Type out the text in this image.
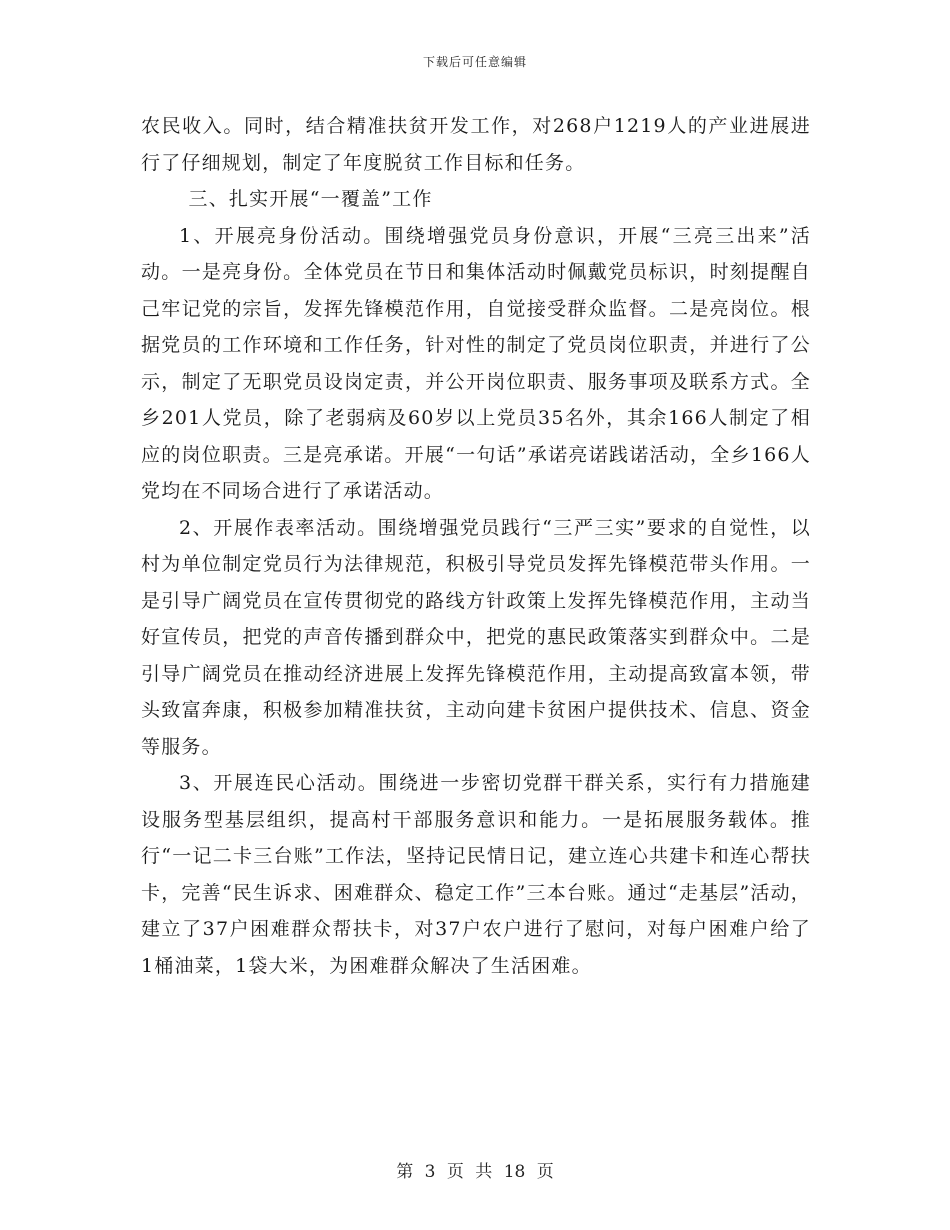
下载后可任意编辑

农民收入。同时，结合精准扶贫开发工作，对268户1219人的产业进展进行了仔细规划，制定了年度脱贫工作目标和任务。

三、扎实开展“一覆盖”工作

1、开展亮身份活动。围绕增强党员身份意识，开展“三亮三出来”活动。一是亮身份。全体党员在节日和集体活动时佩戴党员标识，时刻提醒自己牢记党的宗旨，发挥先锋模范作用，自觉接受群众监督。二是亮岗位。根据党员的工作环境和工作任务，针对性的制定了党员岗位职责，并进行了公示，制定了无职党员设岗定责，并公开岗位职责、服务事项及联系方式。全乡201人党员，除了老弱病及60岁以上党员35名外，其余166人制定了相应的岗位职责。三是亮承诺。开展“一句话”承诺亮诺践诺活动，全乡166人党均在不同场合进行了承诺活动。

2、开展作表率活动。围绕增强党员践行“三严三实”要求的自觉性，以村为单位制定党员行为法律规范，积极引导党员发挥先锋模范带头作用。一是引导广阔党员在宣传贯彻党的路线方针政策上发挥先锋模范作用，主动当好宣传员，把党的声音传播到群众中，把党的惠民政策落实到群众中。二是引导广阔党员在推动经济进展上发挥先锋模范作用，主动提高致富本领，带头致富奔康，积极参加精准扶贫，主动向建卡贫困户提供技术、信息、资金等服务。

3、开展连民心活动。围绕进一步密切党群干群关系，实行有力措施建设服务型基层组织，提高村干部服务意识和能力。一是拓展服务载体。推行“一记二卡三台账”工作法，坚持记民情日记，建立连心共建卡和连心帮扶卡，完善“民生诉求、困难群众、稳定工作”三本台账。通过“走基层”活动，建立了37户困难群众帮扶卡，对37户农户进行了慰问，对每户困难户给了1桶油菜，1袋大米，为困难群众解决了生活困难。

第 3 页 共 18 页
